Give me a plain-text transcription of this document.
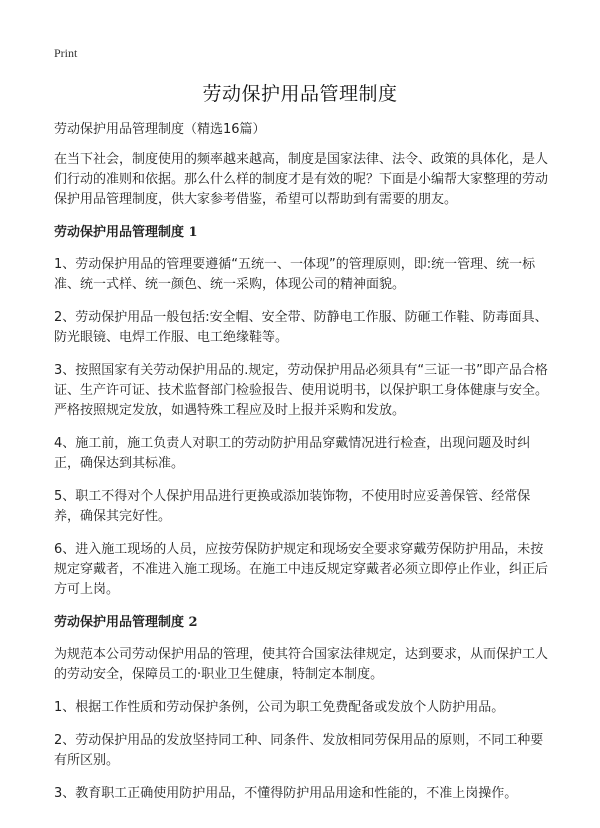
Print
劳动保护用品管理制度

劳动保护用品管理制度（精选16篇）

在当下社会，制度使用的频率越来越高，制度是国家法律、法令、政策的具体化，是人们行动的准则和依据。那么什么样的制度才是有效的呢？下面是小编帮大家整理的劳动保护用品管理制度，供大家参考借鉴，希望可以帮助到有需要的朋友。

劳动保护用品管理制度 1

1、劳动保护用品的管理要遵循“五统一、一体现”的管理原则，即:统一管理、统一标准、统一式样、统一颜色、统一采购，体现公司的精神面貌。

2、劳动保护用品一般包括:安全帽、安全带、防静电工作服、防砸工作鞋、防毒面具、防光眼镜、电焊工作服、电工绝缘鞋等。

3、按照国家有关劳动保护用品的.规定，劳动保护用品必须具有“三证一书”即产品合格证、生产许可证、技术监督部门检验报告、使用说明书，以保护职工身体健康与安全。严格按照规定发放，如遇特殊工程应及时上报并采购和发放。

4、施工前，施工负责人对职工的劳动防护用品穿戴情况进行检查，出现问题及时纠正，确保达到其标准。

5、职工不得对个人保护用品进行更换或添加装饰物，不使用时应妥善保管、经常保养，确保其完好性。

6、进入施工现场的人员，应按劳保防护规定和现场安全要求穿戴劳保防护用品，未按规定穿戴者，不准进入施工现场。在施工中违反规定穿戴者必须立即停止作业，纠正后方可上岗。

劳动保护用品管理制度 2

为规范本公司劳动保护用品的管理，使其符合国家法律规定，达到要求，从而保护工人的劳动安全，保障员工的·职业卫生健康，特制定本制度。

1、根据工作性质和劳动保护条例，公司为职工免费配备或发放个人防护用品。

2、劳动保护用品的发放坚持同工种、同条件、发放相同劳保用品的原则，不同工种要有所区别。

3、教育职工正确使用防护用品，不懂得防护用品用途和性能的，不准上岗操作。
